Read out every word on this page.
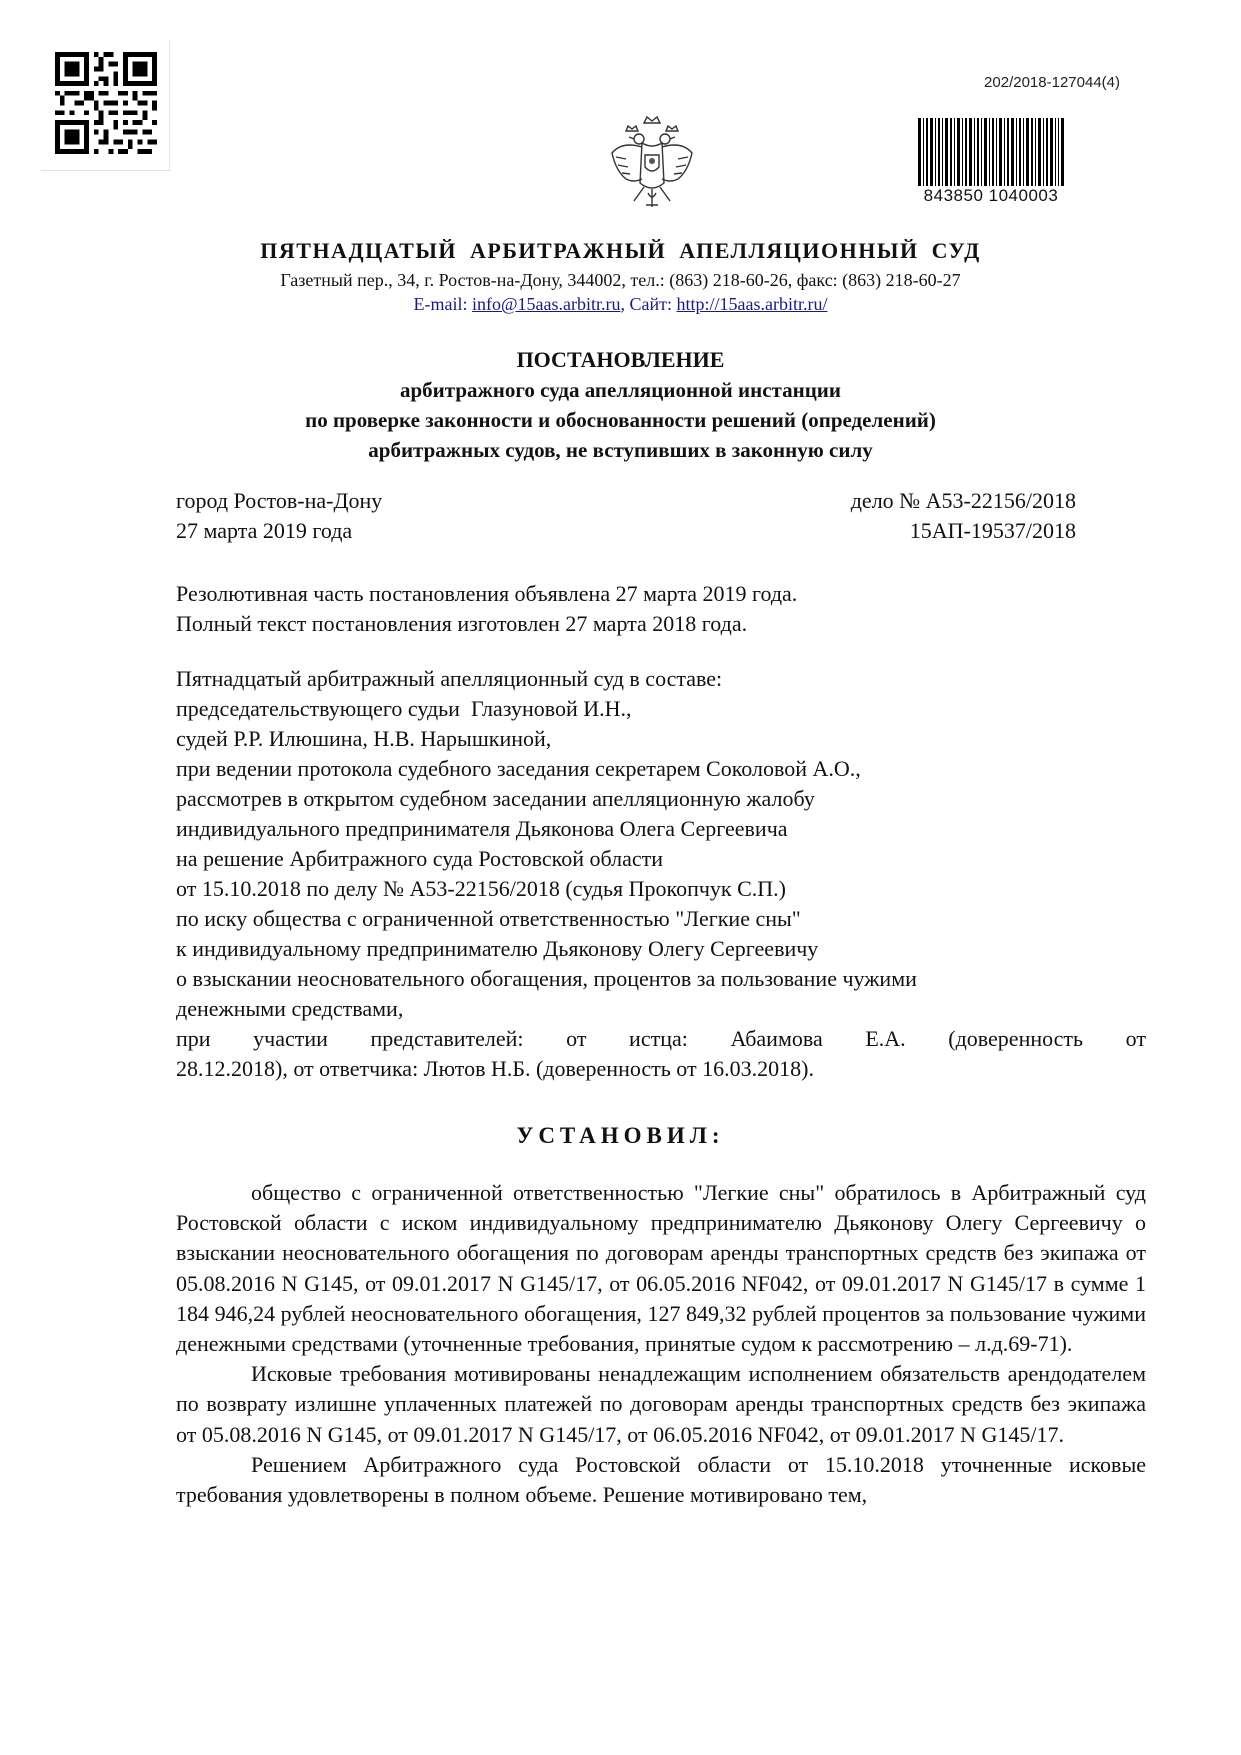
202/2018-127044(4)
843850 1040003
ПЯТНАДЦАТЫЙ АРБИТРАЖНЫЙ АПЕЛЛЯЦИОННЫЙ СУД
Газетный пер., 34, г. Ростов-на-Дону, 344002, тел.: (863) 218-60-26, факс: (863) 218-60-27
E-mail: info@15aas.arbitr.ru, Сайт: http://15aas.arbitr.ru/
ПОСТАНОВЛЕНИЕ
арбитражного суда апелляционной инстанции
по проверке законности и обоснованности решений (определений)
арбитражных судов, не вступивших в законную силу
город Ростов-на-Дону
27 марта 2019 года
дело № А53-22156/2018
15АП-19537/2018
Резолютивная часть постановления объявлена 27 марта 2019 года.
Полный текст постановления изготовлен 27 марта 2018 года.
Пятнадцатый арбитражный апелляционный суд в составе:
председательствующего судьи  Глазуновой И.Н.,
судей Р.Р. Илюшина, Н.В. Нарышкиной,
при ведении протокола судебного заседания секретарем Соколовой А.О.,
рассмотрев в открытом судебном заседании апелляционную жалобу
индивидуального предпринимателя Дьяконова Олега Сергеевича
на решение Арбитражного суда Ростовской области
от 15.10.2018 по делу № А53-22156/2018 (судья Прокопчук С.П.)
по иску общества с ограниченной ответственностью "Легкие сны"
к индивидуальному предпринимателю Дьяконову Олегу Сергеевичу
о взыскании неосновательного обогащения, процентов за пользование чужими
денежными средствами,
при участии представителей: от истца: Абаимова Е.А. (доверенность от
28.12.2018), от ответчика: Лютов Н.Б. (доверенность от 16.03.2018).
УСТАНОВИЛ:

общество с ограниченной ответственностью "Легкие сны" обратилось в Арбитражный суд Ростовской области с иском индивидуальному предпринимателю Дьяконову Олегу Сергеевичу о взыскании неосновательного обогащения по договорам аренды транспортных средств без экипажа от 05.08.2016 N G145, от 09.01.2017 N G145/17, от 06.05.2016 NF042, от 09.01.2017 N G145/17 в сумме 1 184 946,24 рублей неосновательного обогащения, 127 849,32 рублей процентов за пользование чужими денежными средствами (уточненные требования, принятые судом к рассмотрению – л.д.69-71).

Исковые требования мотивированы ненадлежащим исполнением обязательств арендодателем по возврату излишне уплаченных платежей по договорам аренды транспортных средств без экипажа от 05.08.2016 N G145, от 09.01.2017 N G145/17, от 06.05.2016 NF042, от 09.01.2017 N G145/17.

Решением Арбитражного суда Ростовской области от 15.10.2018 уточненные исковые требования удовлетворены в полном объеме. Решение мотивировано тем,
